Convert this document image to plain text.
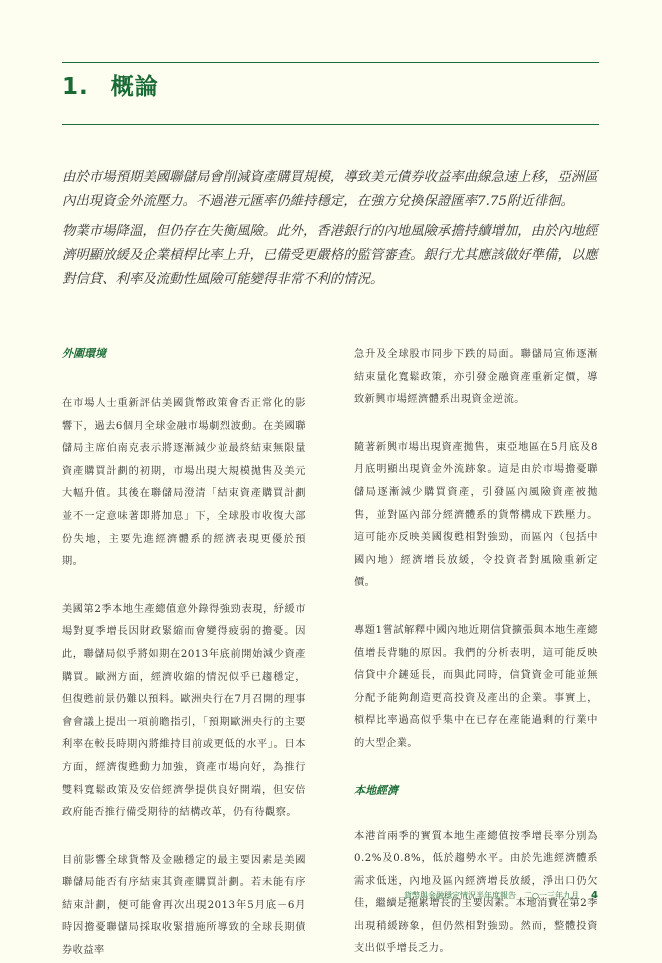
1. 概論

由於市場預期美國聯儲局會削減資產購買規模，導致美元債券收益率曲線急速上移，亞洲區內出現資金外流壓力。不過港元匯率仍維持穩定，在強方兌換保證匯率7.75附近徘徊。

物業市場降溫，但仍存在失衡風險。此外，香港銀行的內地風險承擔持續增加，由於內地經濟明顯放緩及企業槓桿比率上升，已備受更嚴格的監管審查。銀行尤其應該做好準備，以應對信貸、利率及流動性風險可能變得非常不利的情況。

外圍環境

在市場人士重新評估美國貨幣政策會否正常化的影響下，過去6個月全球金融市場劇烈波動。在美國聯儲局主席伯南克表示將逐漸減少並最終結束無限量資產購買計劃的初期，市場出現大規模拋售及美元大幅升值。其後在聯儲局澄清「結束資產購買計劃並不一定意味著即將加息」下，全球股市收復大部份失地，主要先進經濟體系的經濟表現更優於預期。

美國第2季本地生產總值意外錄得強勁表現，紓緩市場對夏季增長因財政緊縮而會變得疲弱的擔憂。因此，聯儲局似乎將如期在2013年底前開始減少資產購買。歐洲方面，經濟收縮的情況似乎已趨穩定，但復甦前景仍難以預料。歐洲央行在7月召開的理事會會議上提出一項前瞻指引，「預期歐洲央行的主要利率在較長時期內將維持目前或更低的水平」。日本方面，經濟復甦動力加強，資產市場向好，為推行雙料寬鬆政策及安倍經濟學提供良好開端，但安倍政府能否推行備受期待的結構改革，仍有待觀察。

目前影響全球貨幣及金融穩定的最主要因素是美國聯儲局能否有序結束其資產購買計劃。若未能有序結束計劃，便可能會再次出現2013年5月底－6月時因擔憂聯儲局採取收緊措施所導致的全球長期債券收益率

急升及全球股市同步下跌的局面。聯儲局宣佈逐漸結束量化寬鬆政策，亦引發金融資產重新定價，導致新興市場經濟體系出現資金逆流。

隨著新興市場出現資產拋售，東亞地區在5月底及8月底明顯出現資金外流跡象。這是由於市場擔憂聯儲局逐漸減少購買資產，引發區內風險資產被拋售，並對區內部分經濟體系的貨幣構成下跌壓力。這可能亦反映美國復甦相對強勁，而區內（包括中國內地）經濟增長放緩，令投資者對風險重新定價。

專題1嘗試解釋中國內地近期信貸擴張與本地生產總值增長背馳的原因。我們的分析表明，這可能反映信貸中介鏈延長，而與此同時，信貸資金可能並無分配予能夠創造更高投資及產出的企業。事實上，槓桿比率過高似乎集中在已存在產能過剩的行業中的大型企業。

本地經濟

本港首兩季的實質本地生產總值按季增長率分別為0.2%及0.8%，低於趨勢水平。由於先進經濟體系需求低迷，內地及區內經濟增長放緩，淨出口仍欠佳，繼續是拖累增長的主要因素。本地消費在第2季出現稍緩跡象，但仍然相對強勁。然而，整體投資支出似乎增長乏力。

貨幣與金融穩定情況半年度報告　二○一三年九月 4
